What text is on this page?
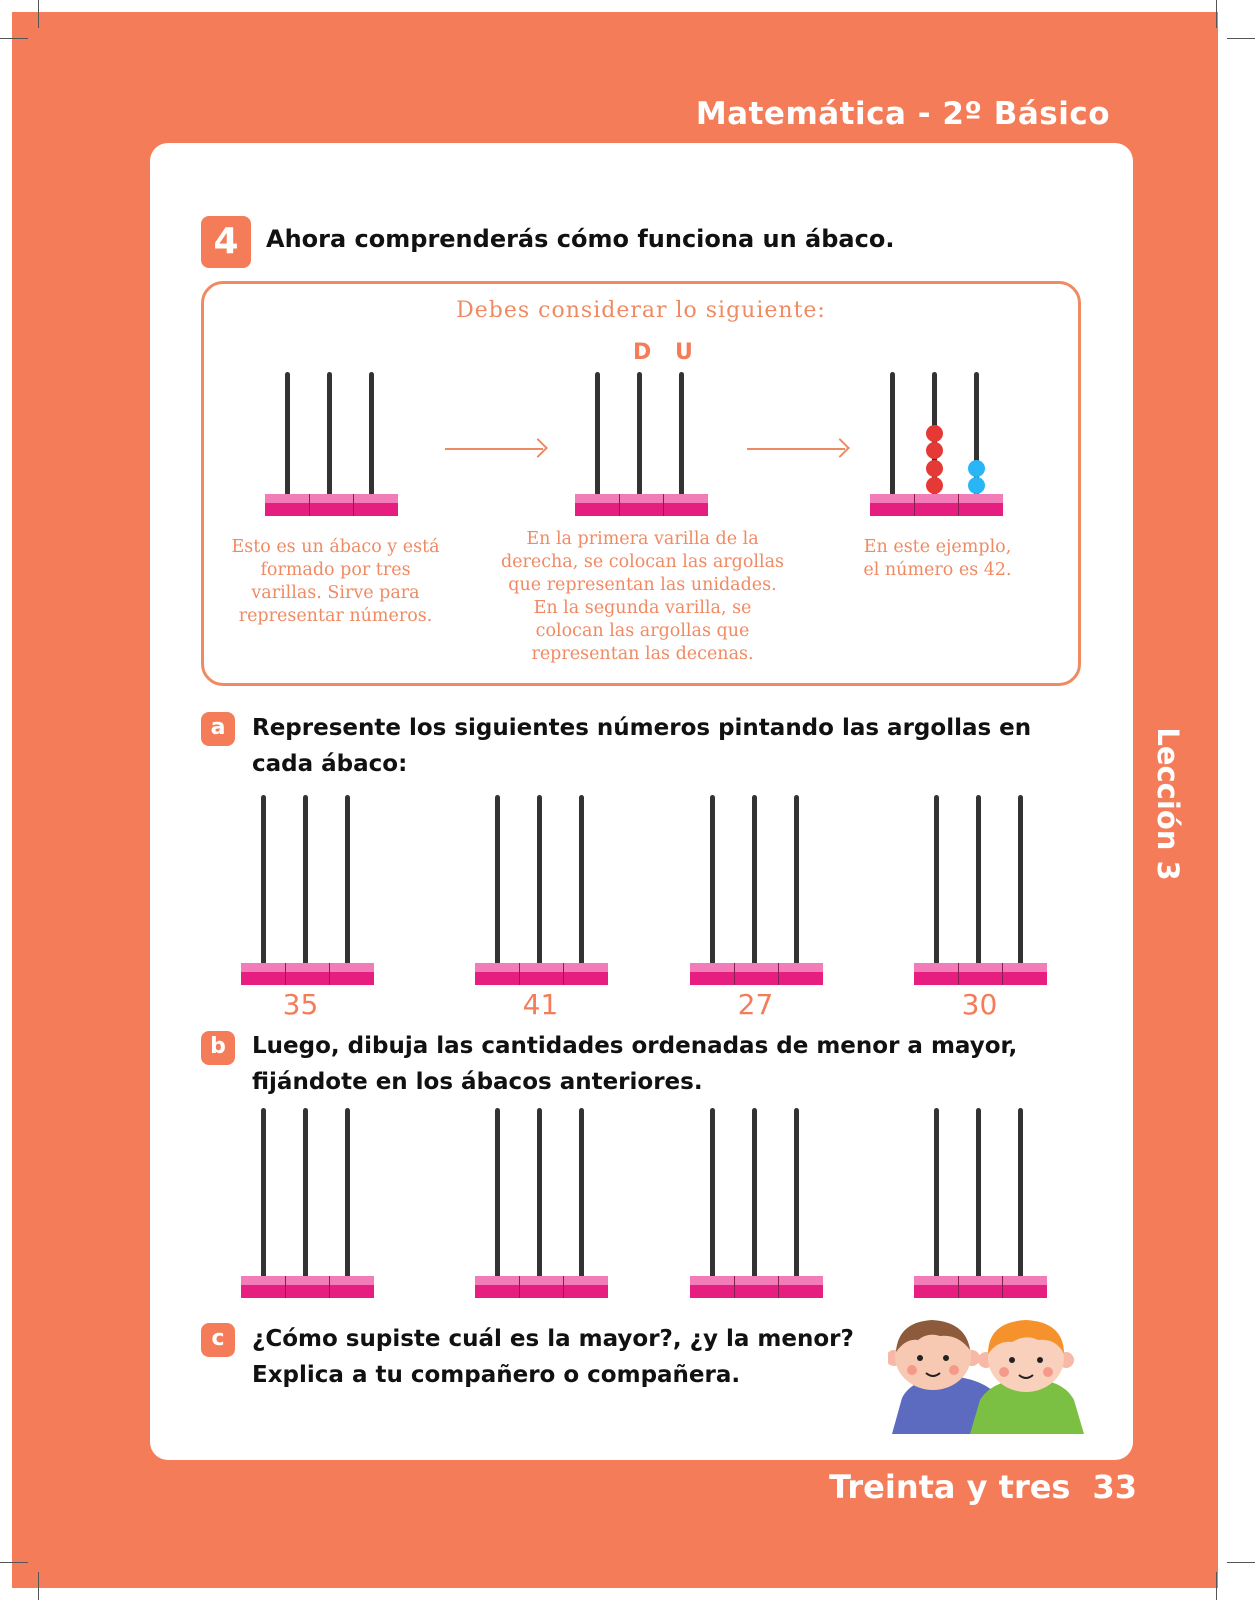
Matemática - 2º Básico
Lección 3
4	Ahora comprenderás cómo funciona un ábaco.
Debes considerar lo siguiente:
D U
Esto es un ábaco y está formado por tres varillas. Sirve para representar números.
En la primera varilla de la derecha, se colocan las argollas que representan las unidades. En la segunda varilla, se colocan las argollas que representan las decenas.
En este ejemplo, el número es 42.
a	Represente los siguientes números pintando las argollas en cada ábaco:
35	41	27	30
b	Luego, dibuja las cantidades ordenadas de menor a mayor, fijándote en los ábacos anteriores.
c	¿Cómo supiste cuál es la mayor?, ¿y la menor?
Explica a tu compañero o compañera.
Treinta y tres 33
